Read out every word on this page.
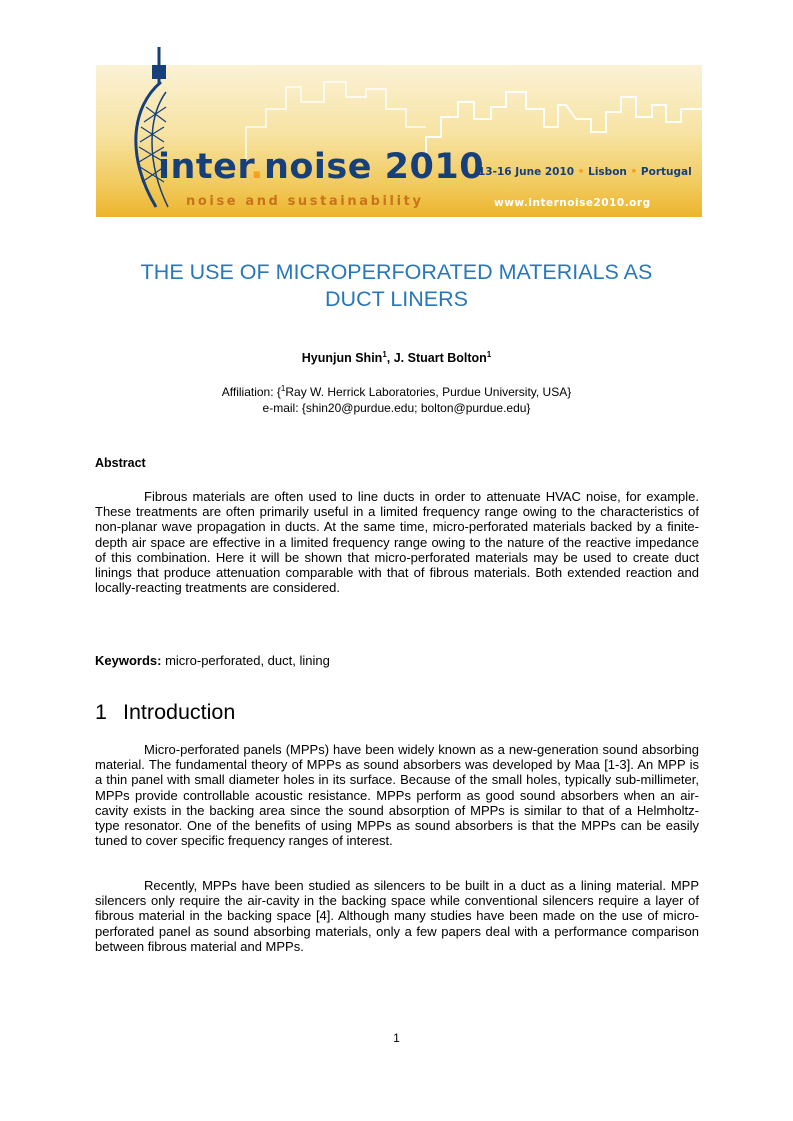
inter.noise 2010
noise and sustainability
13-16 June 2010 • Lisbon • Portugal
www.internoise2010.org
THE USE OF MICROPERFORATED MATERIALS AS
DUCT LINERS
Hyunjun Shin$^1$, J. Stuart Bolton$^1$
Affiliation: {$^1$Ray W. Herrick Laboratories, Purdue University, USA}
e-mail: {shin20@purdue.edu; bolton@purdue.edu}
Abstract

Fibrous materials are often used to line ducts in order to attenuate HVAC noise, for example. These treatments are often primarily useful in a limited frequency range owing to the characteristics of non-planar wave propagation in ducts. At the same time, micro-perforated materials backed by a finite-depth air space are effective in a limited frequency range owing to the nature of the reactive impedance of this combination. Here it will be shown that micro-perforated materials may be used to create duct linings that produce attenuation comparable with that of fibrous materials. Both extended reaction and locally-reacting treatments are considered.

Keywords: micro-perforated, duct, lining
1 Introduction

Micro-perforated panels (MPPs) have been widely known as a new-generation sound absorbing material. The fundamental theory of MPPs as sound absorbers was developed by Maa [1-3]. An MPP is a thin panel with small diameter holes in its surface. Because of the small holes, typically sub-millimeter, MPPs provide controllable acoustic resistance. MPPs perform as good sound absorbers when an air-cavity exists in the backing area since the sound absorption of MPPs is similar to that of a Helmholtz-type resonator. One of the benefits of using MPPs as sound absorbers is that the MPPs can be easily tuned to cover specific frequency ranges of interest.

Recently, MPPs have been studied as silencers to be built in a duct as a lining material. MPP silencers only require the air-cavity in the backing space while conventional silencers require a layer of fibrous material in the backing space [4]. Although many studies have been made on the use of micro-perforated panel as sound absorbing materials, only a few papers deal with a performance comparison between fibrous material and MPPs.

1
